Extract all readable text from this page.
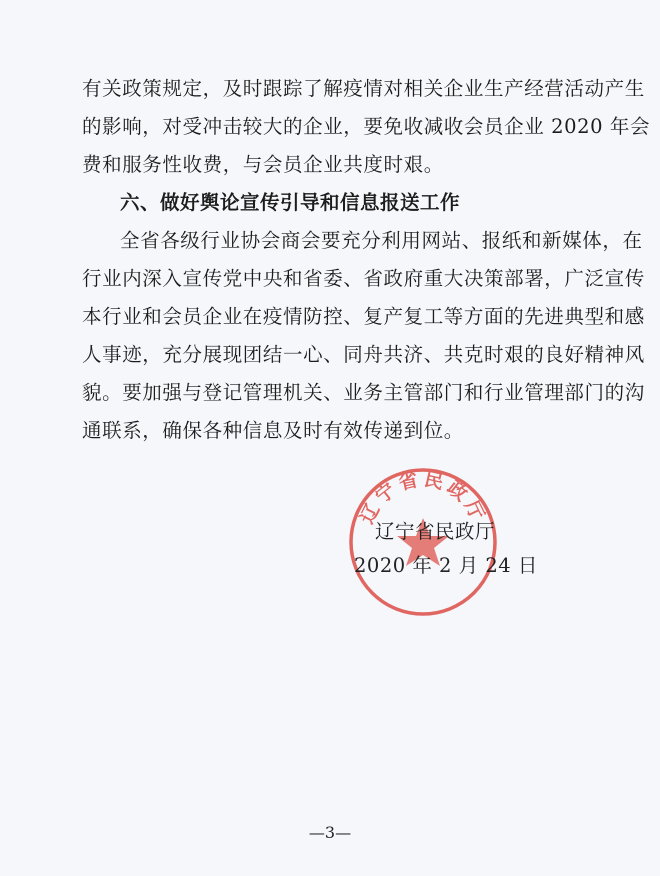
有关政策规定，及时跟踪了解疫情对相关企业生产经营活动产生
的影响，对受冲击较大的企业，要免收减收会员企业 2020 年会
费和服务性收费，与会员企业共度时艰。
六、做好舆论宣传引导和信息报送工作
全省各级行业协会商会要充分利用网站、报纸和新媒体，在
行业内深入宣传党中央和省委、省政府重大决策部署，广泛宣传
本行业和会员企业在疫情防控、复产复工等方面的先进典型和感
人事迹，充分展现团结一心、同舟共济、共克时艰的良好精神风
貌。要加强与登记管理机关、业务主管部门和行业管理部门的沟
通联系，确保各种信息及时有效传递到位。
辽宁省民政厅
辽宁省民政厅
2020 年 2 月 24 日
—3—
